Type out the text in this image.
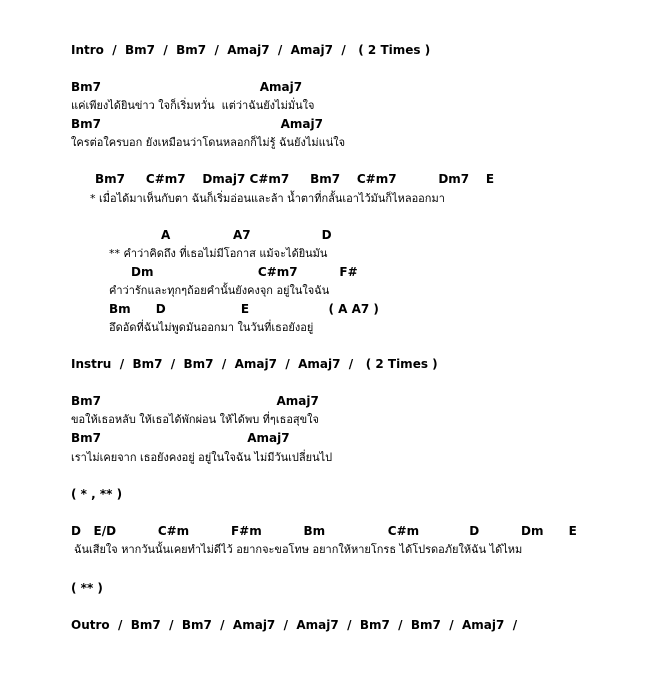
Intro  /  Bm7  /  Bm7  /  Amaj7  /  Amaj7  /   ( 2 Times )

Bm7                                      Amaj7

แค่เพียงได้ยินข่าว ใจก็เริ่มหวั่น  แต่ว่าฉันยังไม่มั่นใจ

Bm7                                           Amaj7

ใครต่อใครบอก ยังเหมือนว่าโดนหลอกก็ไม่รู้ ฉันยังไม่แน่ใจ

Bm7     C#m7    Dmaj7 C#m7     Bm7    C#m7          Dm7    E

* เมื่อได้มาเห็นกับตา ฉันก็เริ่มอ่อนและล้า น้ำตาที่กลั้นเอาไว้มันก็ไหลออกมา

A               A7                 D

** คำว่าคิดถึง ที่เธอไม่มีโอกาส แม้จะได้ยินมัน

Dm                         C#m7          F#

คำว่ารักและทุกๆถ้อยคำนั้นยังคงจุก อยู่ในใจฉัน

Bm      D                  E                   ( A A7 )

อึดอัดที่ฉันไม่พูดมันออกมา ในวันที่เธอยังอยู่

Instru  /  Bm7  /  Bm7  /  Amaj7  /  Amaj7  /   ( 2 Times )

Bm7                                          Amaj7

ขอให้เธอหลับ ให้เธอได้พักผ่อน ให้ได้พบ ที่ๆเธอสุขใจ

Bm7                                   Amaj7

เราไม่เคยจาก เธอยังคงอยู่ อยู่ในใจฉัน ไม่มีวันเปลี่ยนไป

( * , ** )

D   E/D          C#m          F#m          Bm               C#m            D          Dm      E

ฉันเสียใจ หากวันนั้นเคยทำไม่ดีไว้ อยากจะขอโทษ อยากให้หายโกรธ ได้โปรดอภัยให้ฉัน ได้ไหม

( ** )

Outro  /  Bm7  /  Bm7  /  Amaj7  /  Amaj7  /  Bm7  /  Bm7  /  Amaj7  /
